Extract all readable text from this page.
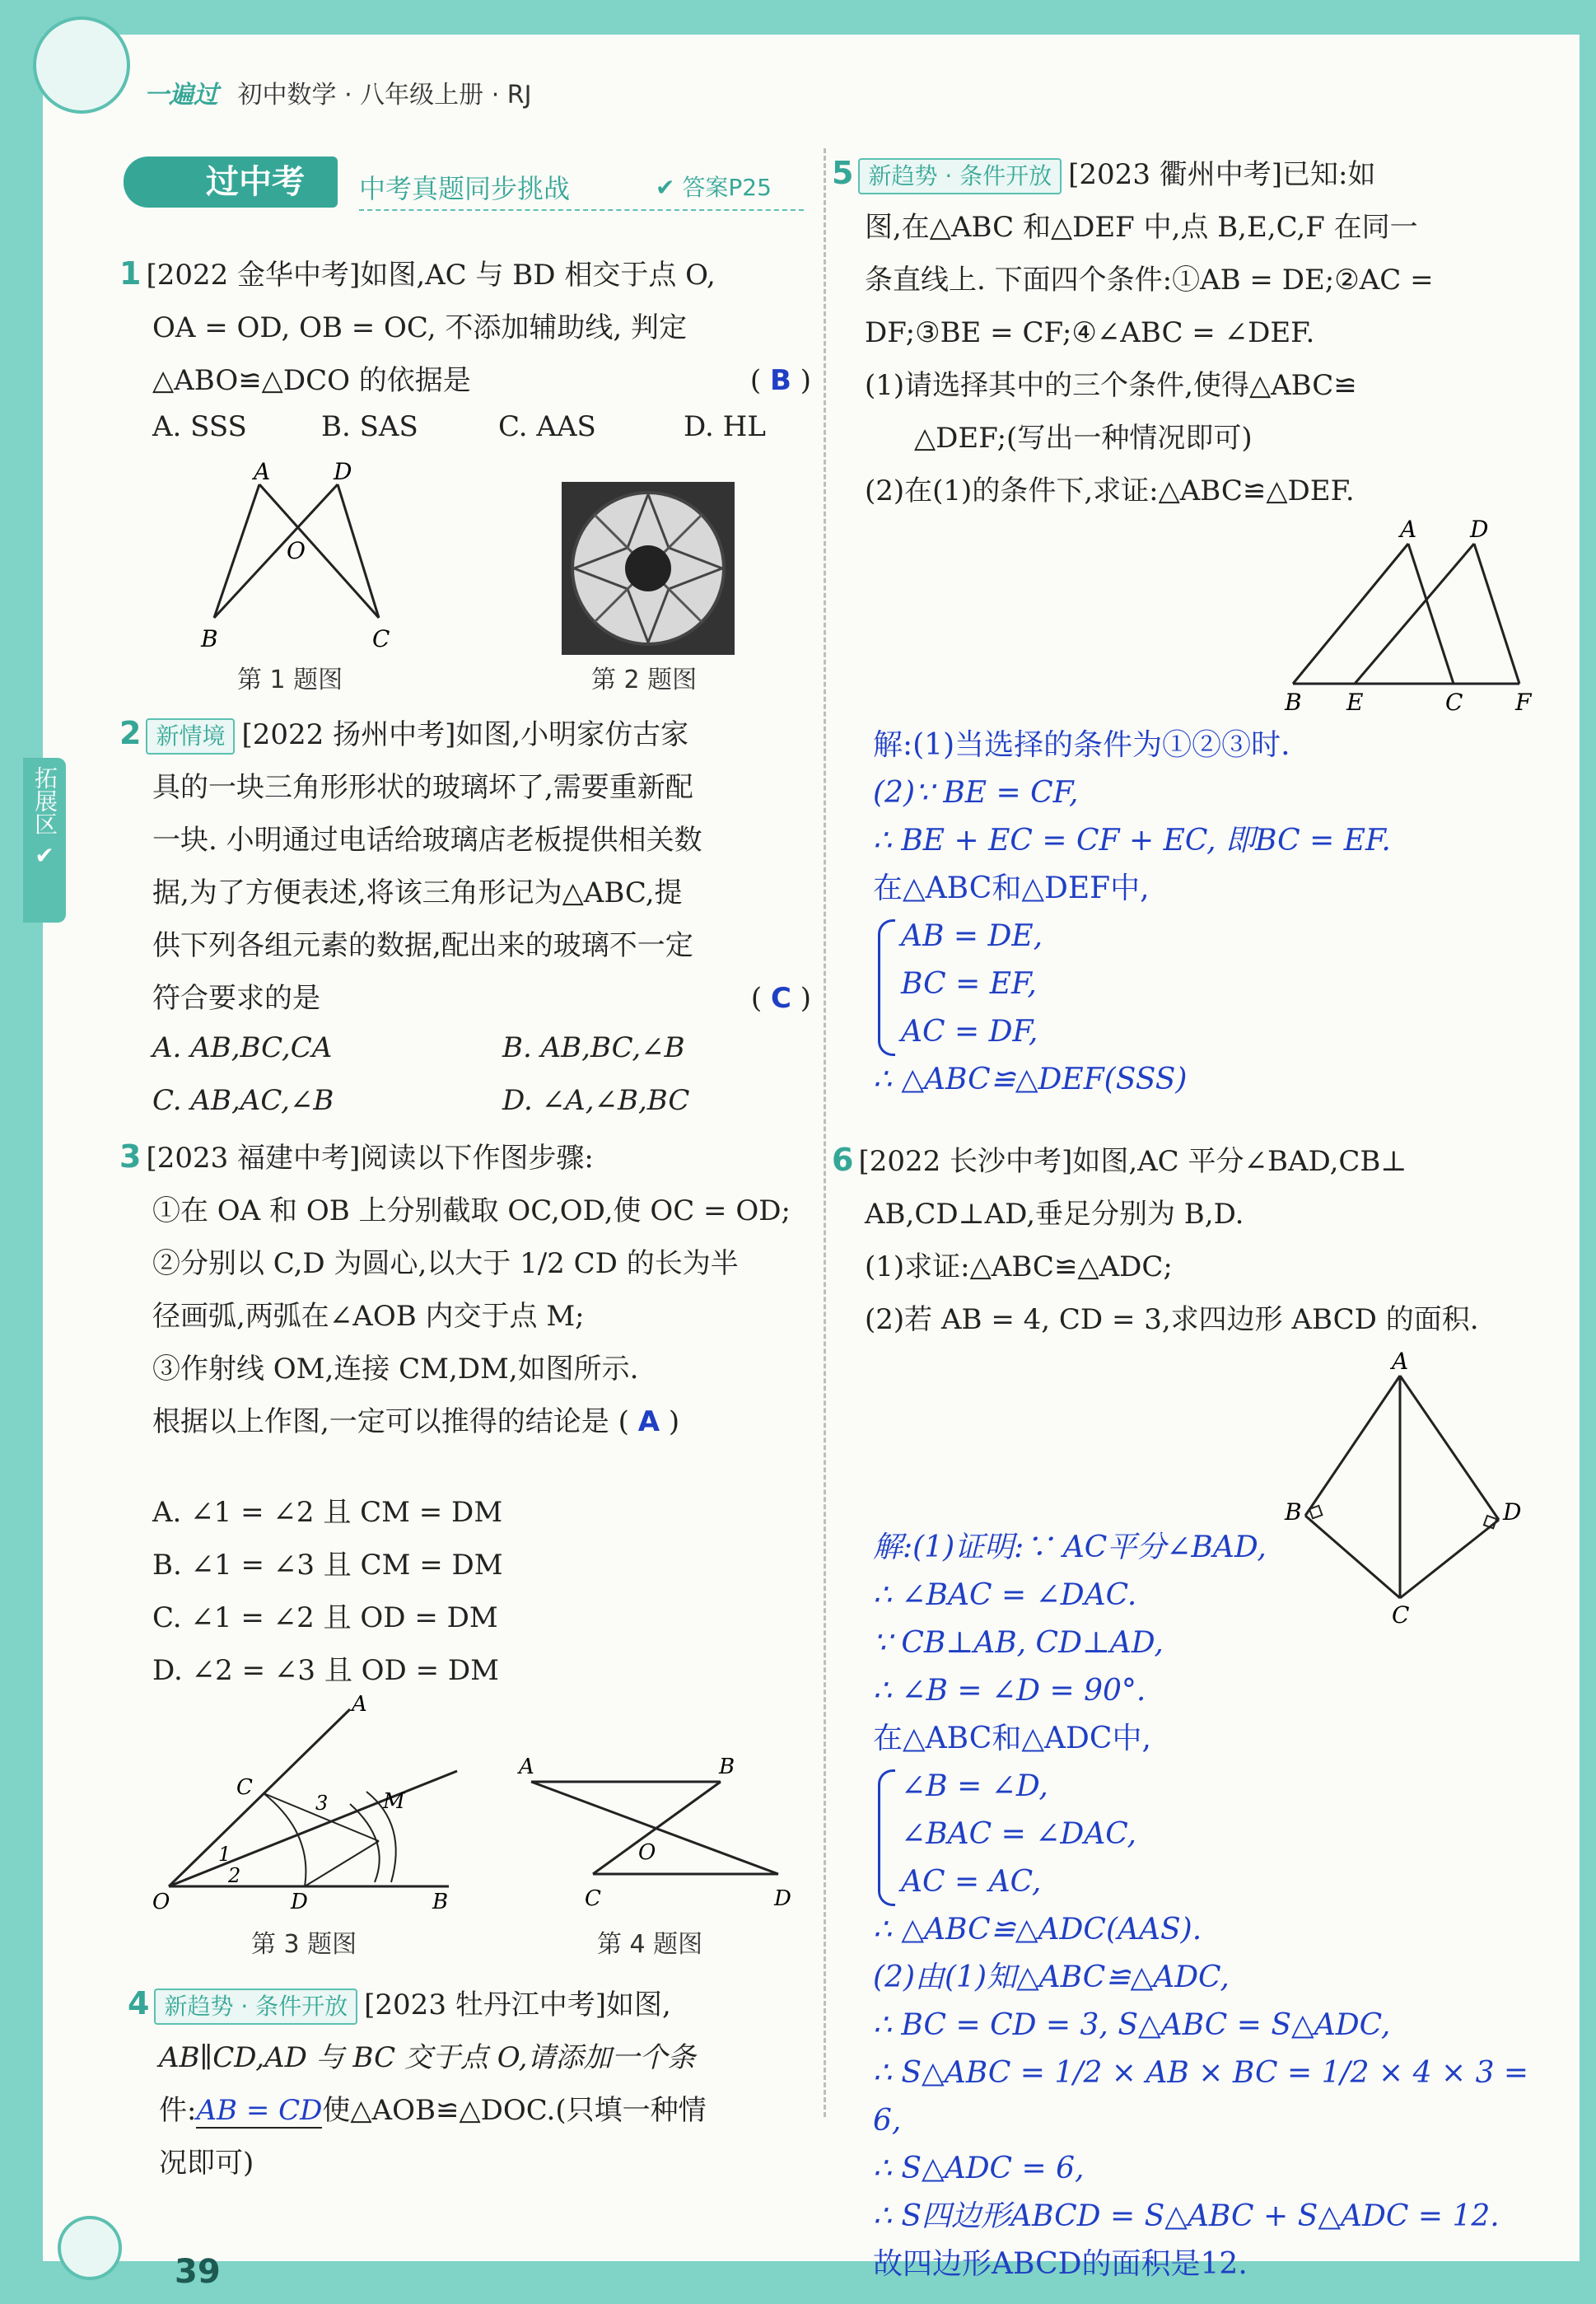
一遍过 初中数学 · 八年级上册 · RJ
拓展区
✔
过中考	中考真题同步挑战	✔ 答案P25
1 [2022 金华中考]如图,AC 与 BD 相交于点 O,
OA = OD, OB = OC, 不添加辅助线, 判定
△ABO≌△DCO 的依据是	( B )
A. SSS	B. SAS	C. AAS	D. HL
A	D
O
B	C
第 1 题图	第 2 题图
2 新情境 [2022 扬州中考]如图,小明家仿古家
具的一块三角形形状的玻璃坏了,需要重新配
一块. 小明通过电话给玻璃店老板提供相关数
据,为了方便表述,将该三角形记为△ABC,提
供下列各组元素的数据,配出来的玻璃不一定
符合要求的是	( C )
A. AB,BC,CA	B. AB,BC,∠B
C. AB,AC,∠B	D. ∠A,∠B,BC
3 [2023 福建中考]阅读以下作图步骤:
①在 OA 和 OB 上分别截取 OC,OD,使 OC = OD;
②分别以 C,D 为圆心,以大于 1/2 CD 的长为半
径画弧,两弧在∠AOB 内交于点 M;
③作射线 OM,连接 CM,DM,如图所示.
根据以上作图,一定可以推得的结论是 ( A )
A. ∠1 = ∠2 且 CM = DM
B. ∠1 = ∠3 且 CM = DM
C. ∠1 = ∠2 且 OD = DM
D. ∠2 = ∠3 且 OD = DM
A
C
M
3
1
2
O	D	B
第 3 题图
A	B
O
C	D
第 4 题图
4 新趋势 · 条件开放 [2023 牡丹江中考]如图,
AB∥CD,AD 与 BC 交于点 O,请添加一个条
件:AB = CD使△AOB≌△DOC.(只填一种情
况即可)
5 新趋势 · 条件开放 [2023 衢州中考]已知:如
图,在△ABC 和△DEF 中,点 B,E,C,F 在同一
条直线上. 下面四个条件:①AB = DE;②AC =
DF;③BE = CF;④∠ABC = ∠DEF.
(1)请选择其中的三个条件,使得△ABC≌
△DEF;(写出一种情况即可)
(2)在(1)的条件下,求证:△ABC≌△DEF.
A D
B E	C F
解:(1)当选择的条件为①②③时.
(2)∵ BE = CF,
∴ BE + EC = CF + EC, 即BC = EF.
在△ABC和△DEF中,
AB = DE,
BC = EF,
AC = DF,
∴ △ABC≌△DEF(SSS)
6 [2022 长沙中考]如图,AC 平分∠BAD,CB⊥
AB,CD⊥AD,垂足分别为 B,D.
(1)求证:△ABC≌△ADC;
(2)若 AB = 4, CD = 3,求四边形 ABCD 的面积.
A
B	D
C
解:(1)证明:∵ AC平分∠BAD,
∴ ∠BAC = ∠DAC.
∵ CB⊥AB, CD⊥AD,
∴ ∠B = ∠D = 90°.
在△ABC和△ADC中,
∠B = ∠D,
∠BAC = ∠DAC,
AC = AC,
∴ △ABC≌△ADC(AAS).
(2)由(1)知△ABC≌△ADC,
∴ BC = CD = 3, S△ABC = S△ADC,
∴ S△ABC = 1/2 × AB × BC = 1/2 × 4 × 3 = 6,
∴ S△ADC = 6,
∴ S四边形ABCD = S△ABC + S△ADC = 12.
故四边形ABCD的面积是12.
39
